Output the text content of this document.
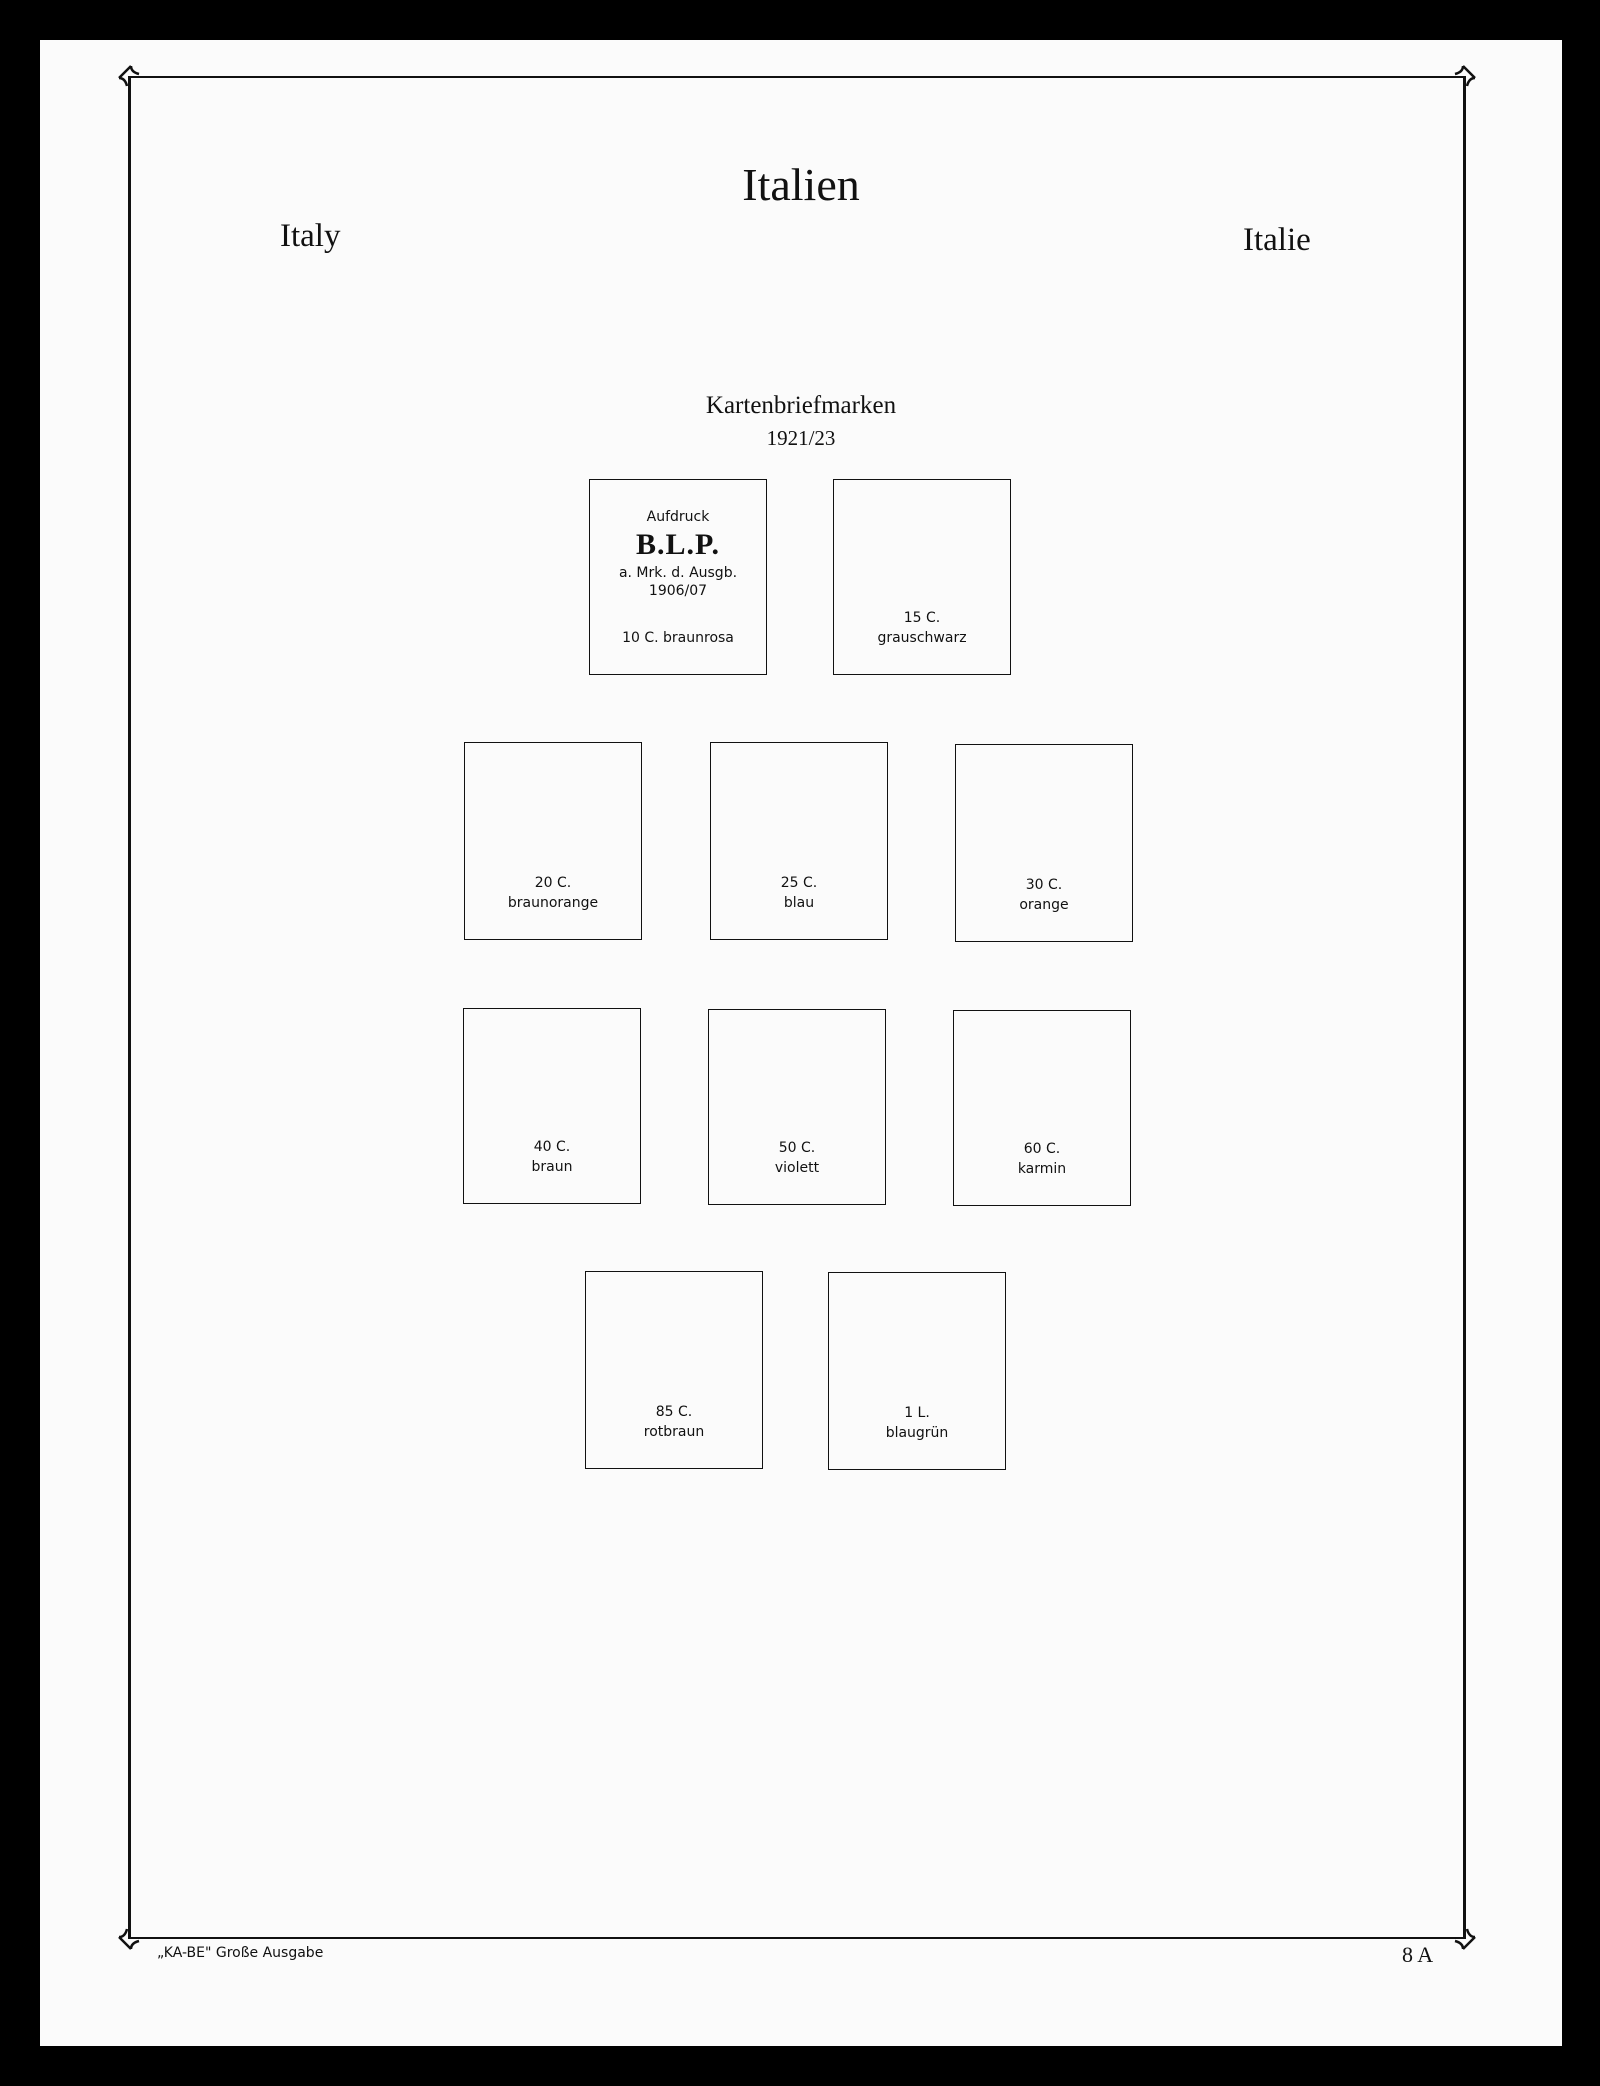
Italien
Italy	Italie
Kartenbriefmarken
1921/23
Aufdruck
B.L.P.
a. Mrk. d. Ausgb.
1906/07
10 C. braunrosa
15 C.
grauschwarz
20 C.
braunorange
25 C.
blau
30 C.
orange
40 C.
braun
50 C.
violett
60 C.
karmin
85 C.
rotbraun
1 L.
blaugrün
„KA-BE" Große Ausgabe	8 A
